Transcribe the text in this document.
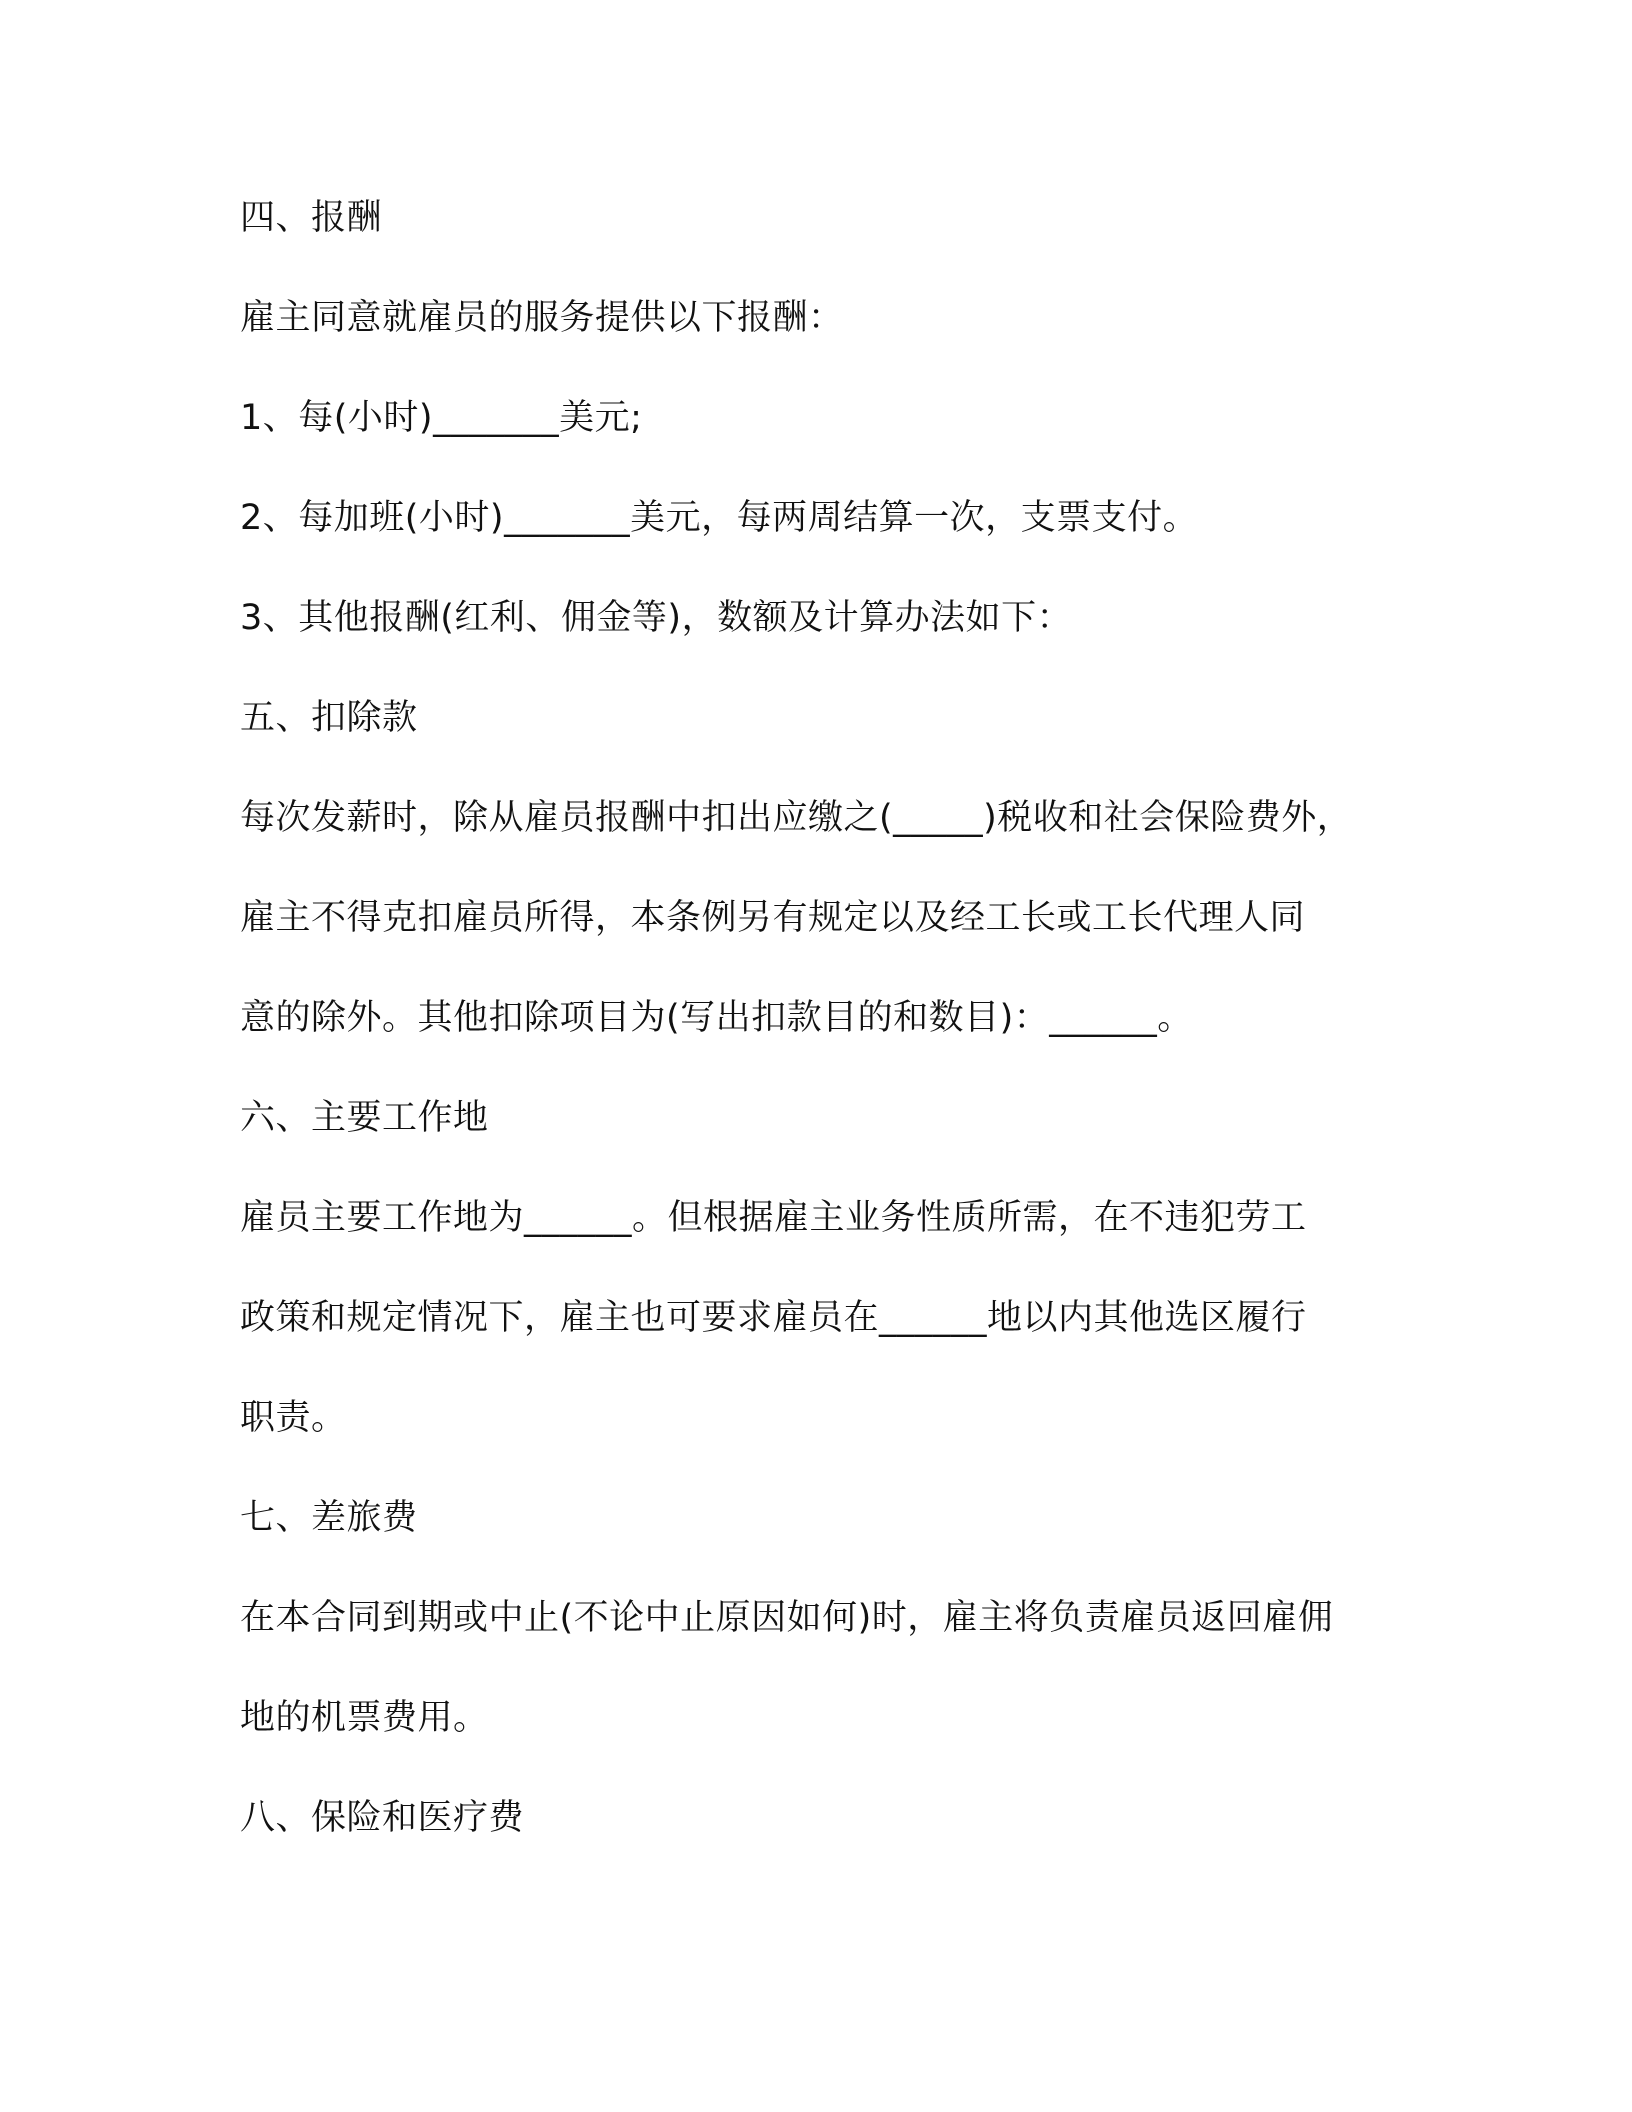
四、报酬
雇主同意就雇员的服务提供以下报酬：
1、每(小时)_______美元;
2、每加班(小时)_______美元，每两周结算一次，支票支付。
3、其他报酬(红利、佣金等)，数额及计算办法如下：
五、扣除款
每次发薪时，除从雇员报酬中扣出应缴之(_____)税收和社会保险费外，
雇主不得克扣雇员所得，本条例另有规定以及经工长或工长代理人同
意的除外。其他扣除项目为(写出扣款目的和数目)：______。
六、主要工作地
雇员主要工作地为______。但根据雇主业务性质所需，在不违犯劳工
政策和规定情况下，雇主也可要求雇员在______地以内其他选区履行
职责。
七、差旅费
在本合同到期或中止(不论中止原因如何)时，雇主将负责雇员返回雇佣
地的机票费用。
八、保险和医疗费
